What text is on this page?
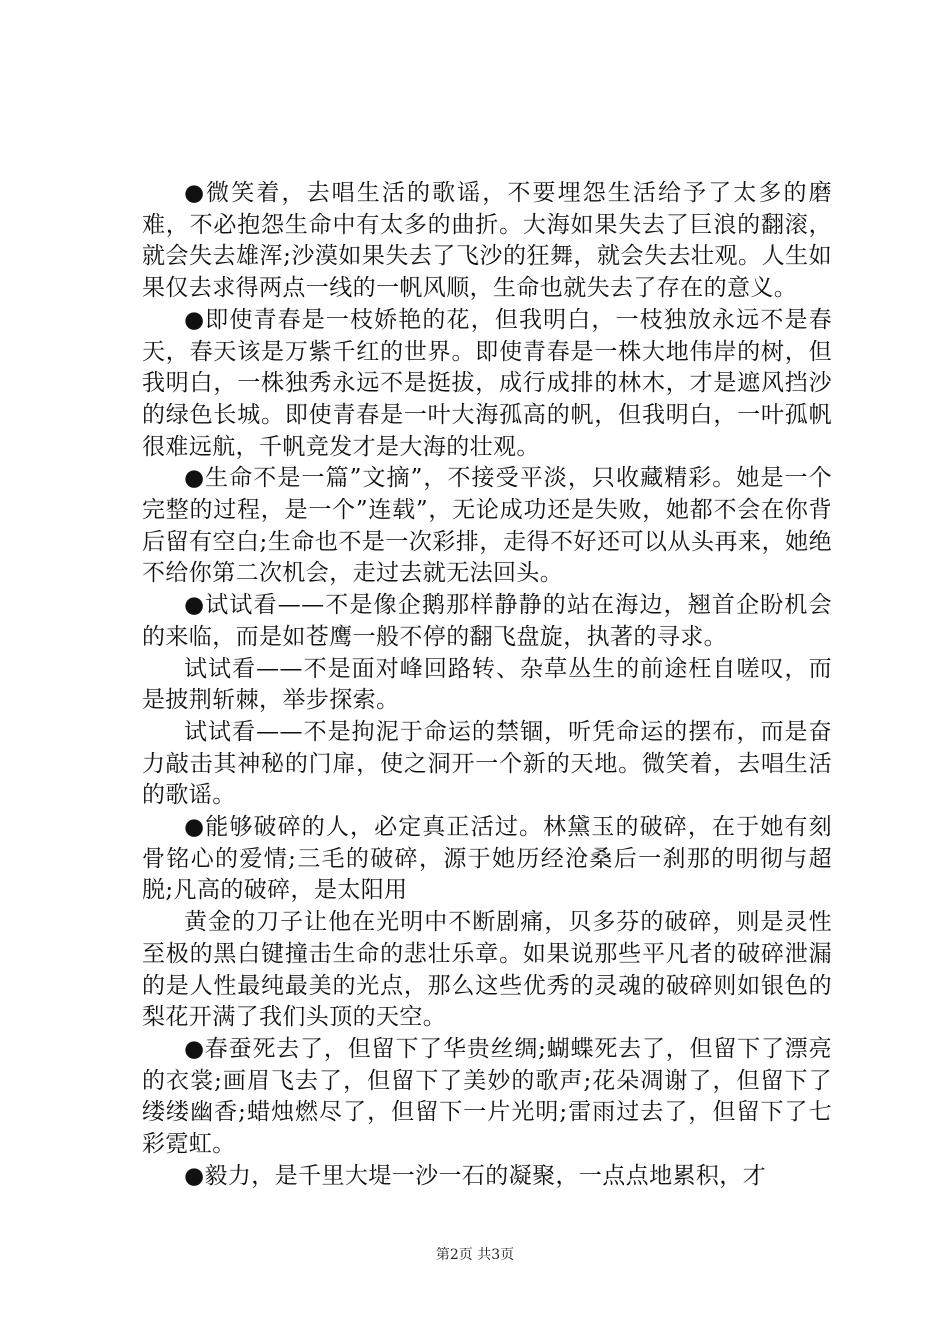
●微笑着，去唱生活的歌谣，不要埋怨生活给予了太多的磨难，不必抱怨生命中有太多的曲折。大海如果失去了巨浪的翻滚，就会失去雄浑;沙漠如果失去了飞沙的狂舞，就会失去壮观。人生如果仅去求得两点一线的一帆风顺，生命也就失去了存在的意义。

●即使青春是一枝娇艳的花，但我明白，一枝独放永远不是春天，春天该是万紫千红的世界。即使青春是一株大地伟岸的树，但我明白，一株独秀永远不是挺拔，成行成排的林木，才是遮风挡沙的绿色长城。即使青春是一叶大海孤高的帆，但我明白，一叶孤帆很难远航，千帆竞发才是大海的壮观。

●生命不是一篇”文摘”，不接受平淡，只收藏精彩。她是一个完整的过程，是一个”连载”，无论成功还是失败，她都不会在你背后留有空白;生命也不是一次彩排，走得不好还可以从头再来，她绝不给你第二次机会，走过去就无法回头。

●试试看——不是像企鹅那样静静的站在海边，翘首企盼机会的来临，而是如苍鹰一般不停的翻飞盘旋，执著的寻求。

试试看——不是面对峰回路转、杂草丛生的前途枉自嗟叹，而是披荆斩棘，举步探索。

试试看——不是拘泥于命运的禁锢，听凭命运的摆布，而是奋力敲击其神秘的门扉，使之洞开一个新的天地。微笑着，去唱生活的歌谣。

●能够破碎的人，必定真正活过。林黛玉的破碎，在于她有刻骨铭心的爱情;三毛的破碎，源于她历经沧桑后一刹那的明彻与超脱;凡高的破碎，是太阳用

黄金的刀子让他在光明中不断剧痛，贝多芬的破碎，则是灵性至极的黑白键撞击生命的悲壮乐章。如果说那些平凡者的破碎泄漏的是人性最纯最美的光点，那么这些优秀的灵魂的破碎则如银色的梨花开满了我们头顶的天空。

●春蚕死去了，但留下了华贵丝绸;蝴蝶死去了，但留下了漂亮的衣裳;画眉飞去了，但留下了美妙的歌声;花朵凋谢了，但留下了缕缕幽香;蜡烛燃尽了，但留下一片光明;雷雨过去了，但留下了七彩霓虹。

●毅力，是千里大堤一沙一石的凝聚，一点点地累积，才

第2页 共3页
